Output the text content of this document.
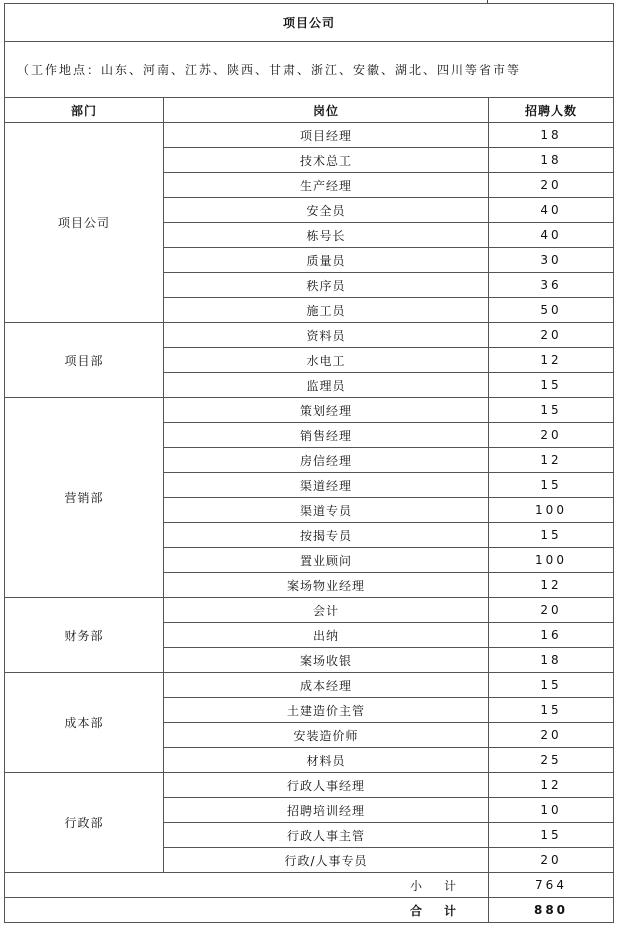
项目公司		
（工作地点：山东、河南、江苏、陕西、甘肃、浙江、安徽、湖北、四川等省市等		
部门	岗位	招聘人数
项目公司	项目经理	18
	技术总工	18
	生产经理	20
	安全员	40
	栋号长	40
	质量员	30
	秩序员	36
	施工员	50
项目部	资料员	20
	水电工	12
	监理员	15
营销部	策划经理	15
	销售经理	20
	房信经理	12
	渠道经理	15
	渠道专员	100
	按揭专员	15
	置业顾问	100
	案场物业经理	12
财务部	会计	20
	出纳	16
	案场收银	18
成本部	成本经理	15
	土建造价主管	15
	安装造价师	20
	材料员	25
行政部	行政人事经理	12
	招聘培训经理	10
	行政人事主管	15
	行政/人事专员	20
小计		764
合计		880
